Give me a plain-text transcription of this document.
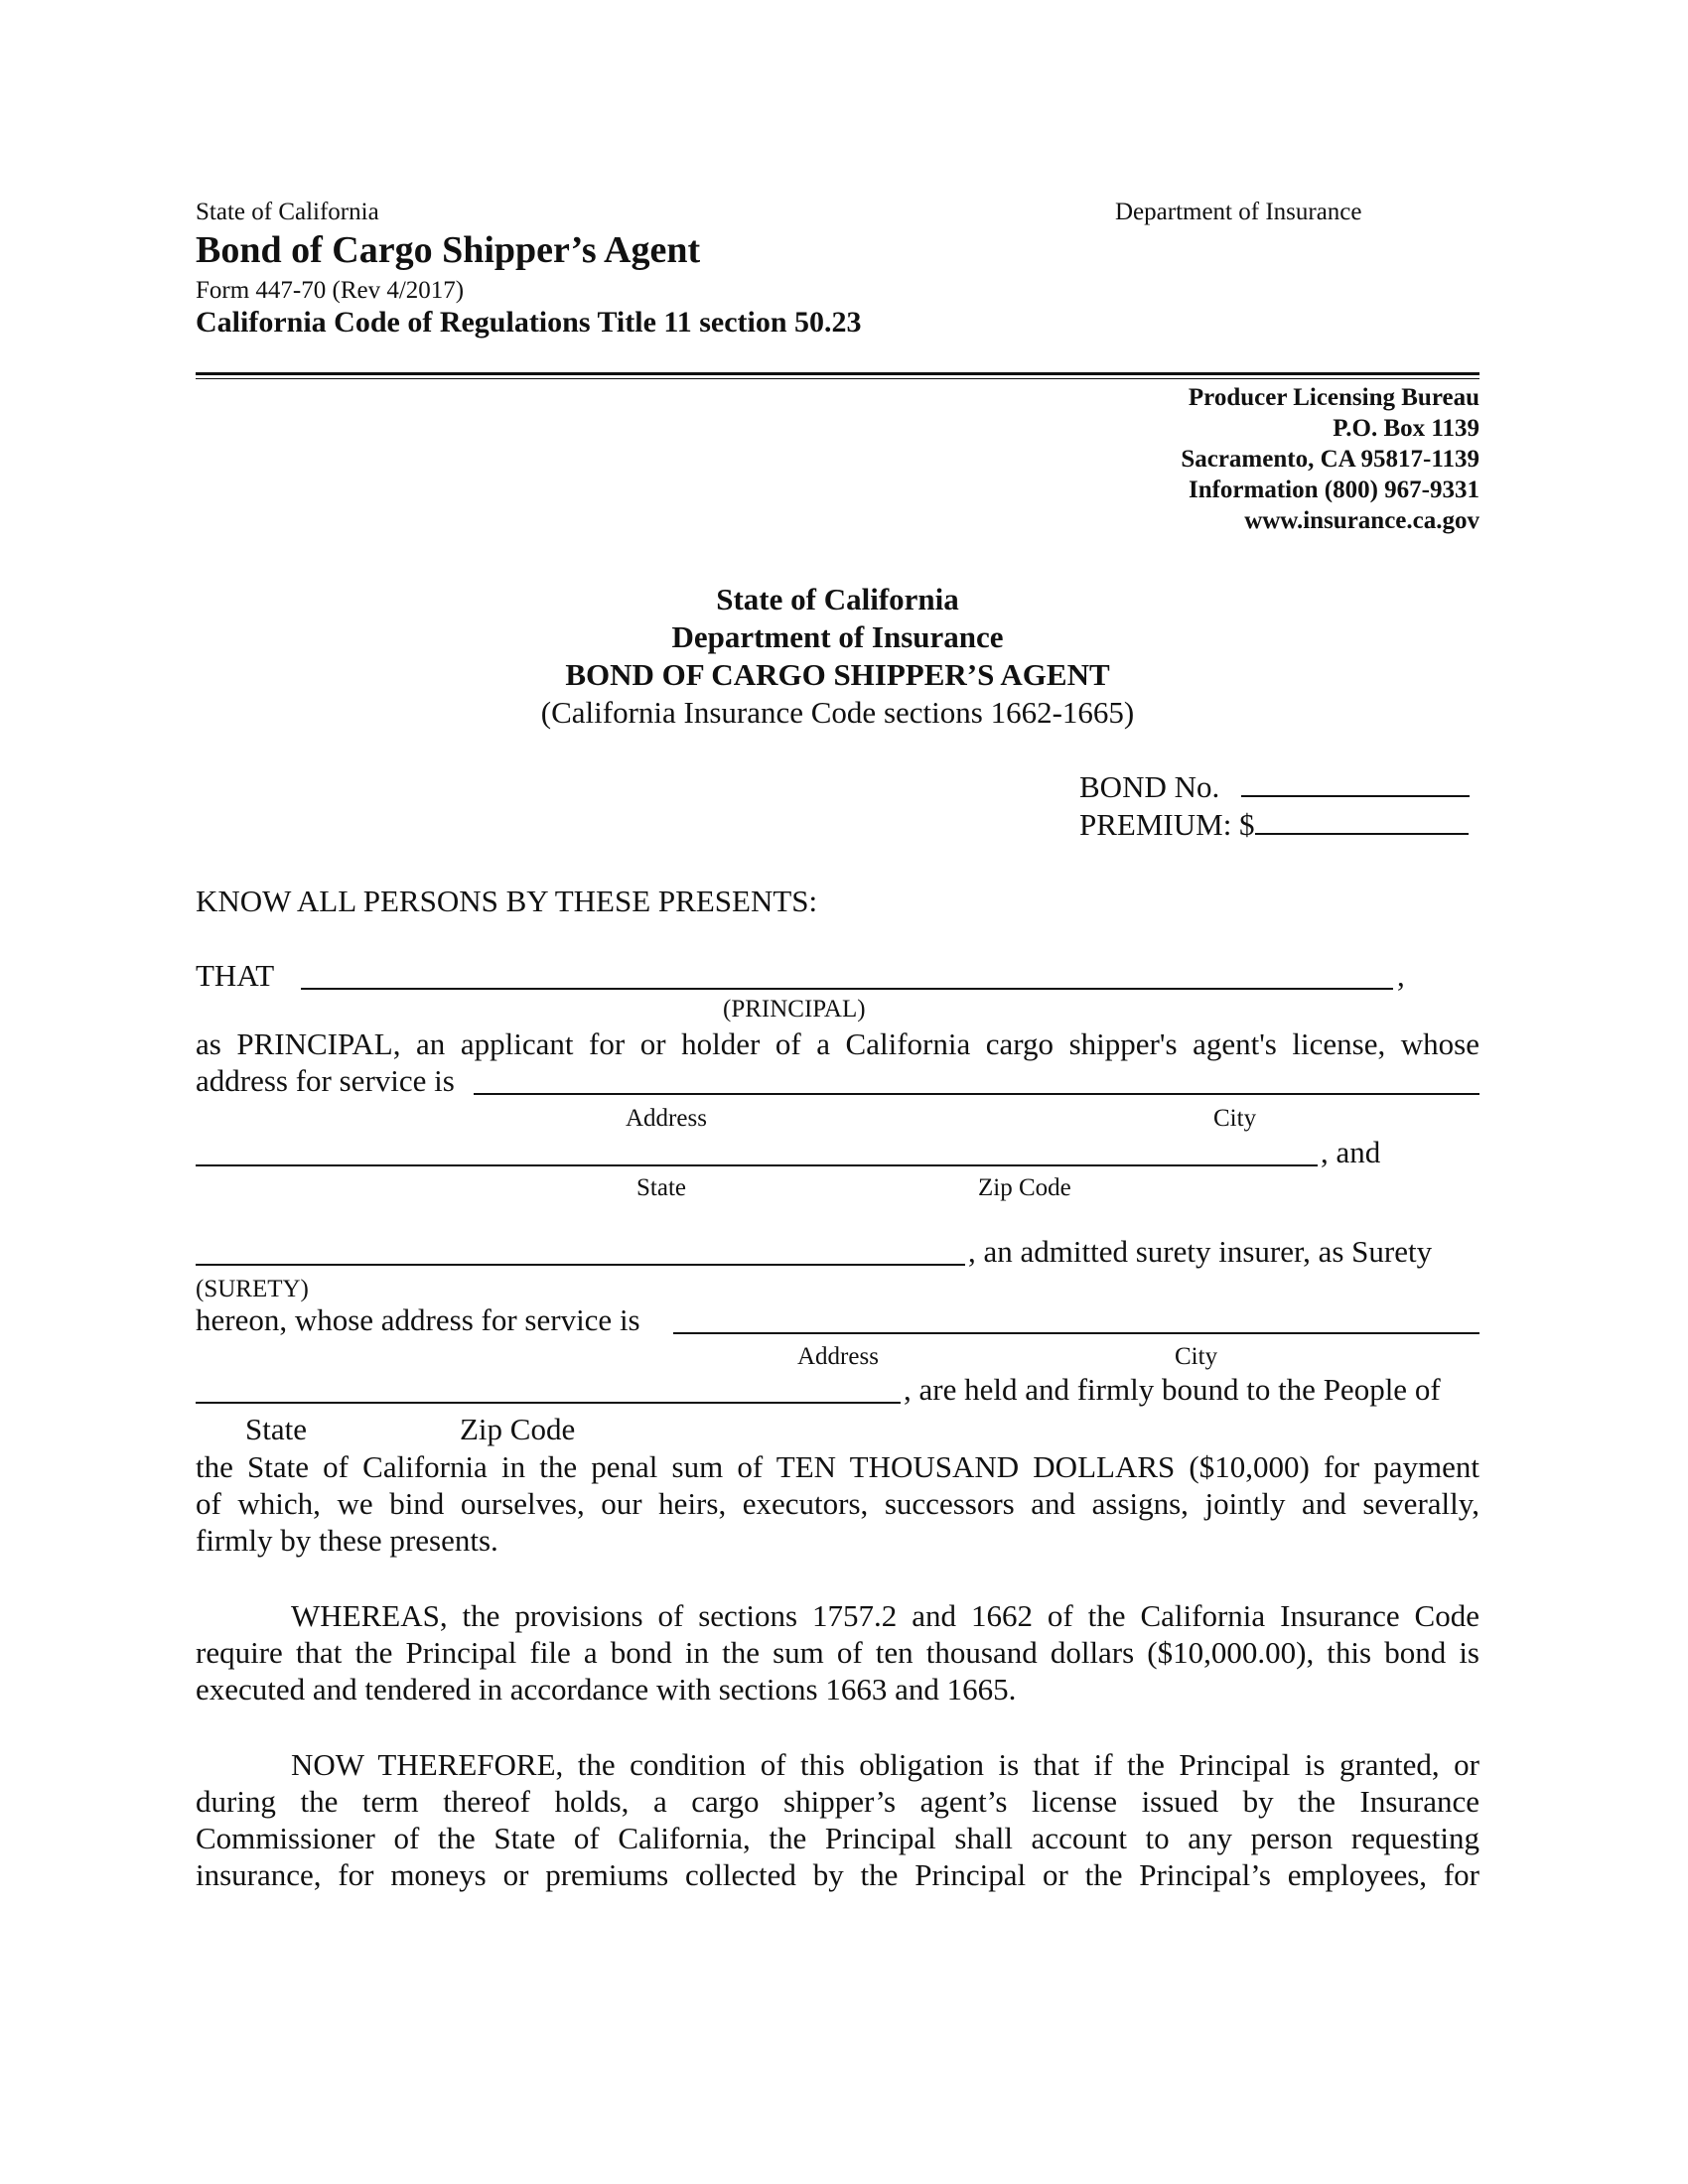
State of California	Department of Insurance
Bond of Cargo Shipper’s Agent
Form 447-70 (Rev 4/2017)
California Code of Regulations Title 11 section 50.23
Producer Licensing Bureau
P.O. Box 1139
Sacramento, CA 95817-1139
Information (800) 967-9331
www.insurance.ca.gov
State of California
Department of Insurance
BOND OF CARGO SHIPPER’S AGENT
(California Insurance Code sections 1662-1665)
BOND No.
PREMIUM: $
KNOW ALL PERSONS BY THESE PRESENTS:
THAT	,
(PRINCIPAL)
as PRINCIPAL, an applicant for or holder of a California cargo shipper's agent's license, whose
address for service is
Address	City
, and
State	Zip Code
, an admitted surety insurer, as Surety
(SURETY)
hereon, whose address for service is
Address	City
, are held and firmly bound to the People of
State	Zip Code
the State of California in the penal sum of TEN THOUSAND DOLLARS ($10,000) for payment
of which, we bind ourselves, our heirs, executors, successors and assigns, jointly and severally,
firmly by these presents.
WHEREAS, the provisions of sections 1757.2 and 1662 of the California Insurance Code
require that the Principal file a bond in the sum of ten thousand dollars ($10,000.00), this bond is
executed and tendered in accordance with sections 1663 and 1665.
NOW THEREFORE, the condition of this obligation is that if the Principal is granted, or
during the term thereof holds, a cargo shipper’s agent’s license issued by the Insurance
Commissioner of the State of California, the Principal shall account to any person requesting
insurance, for moneys or premiums collected by the Principal or the Principal’s employees, for
